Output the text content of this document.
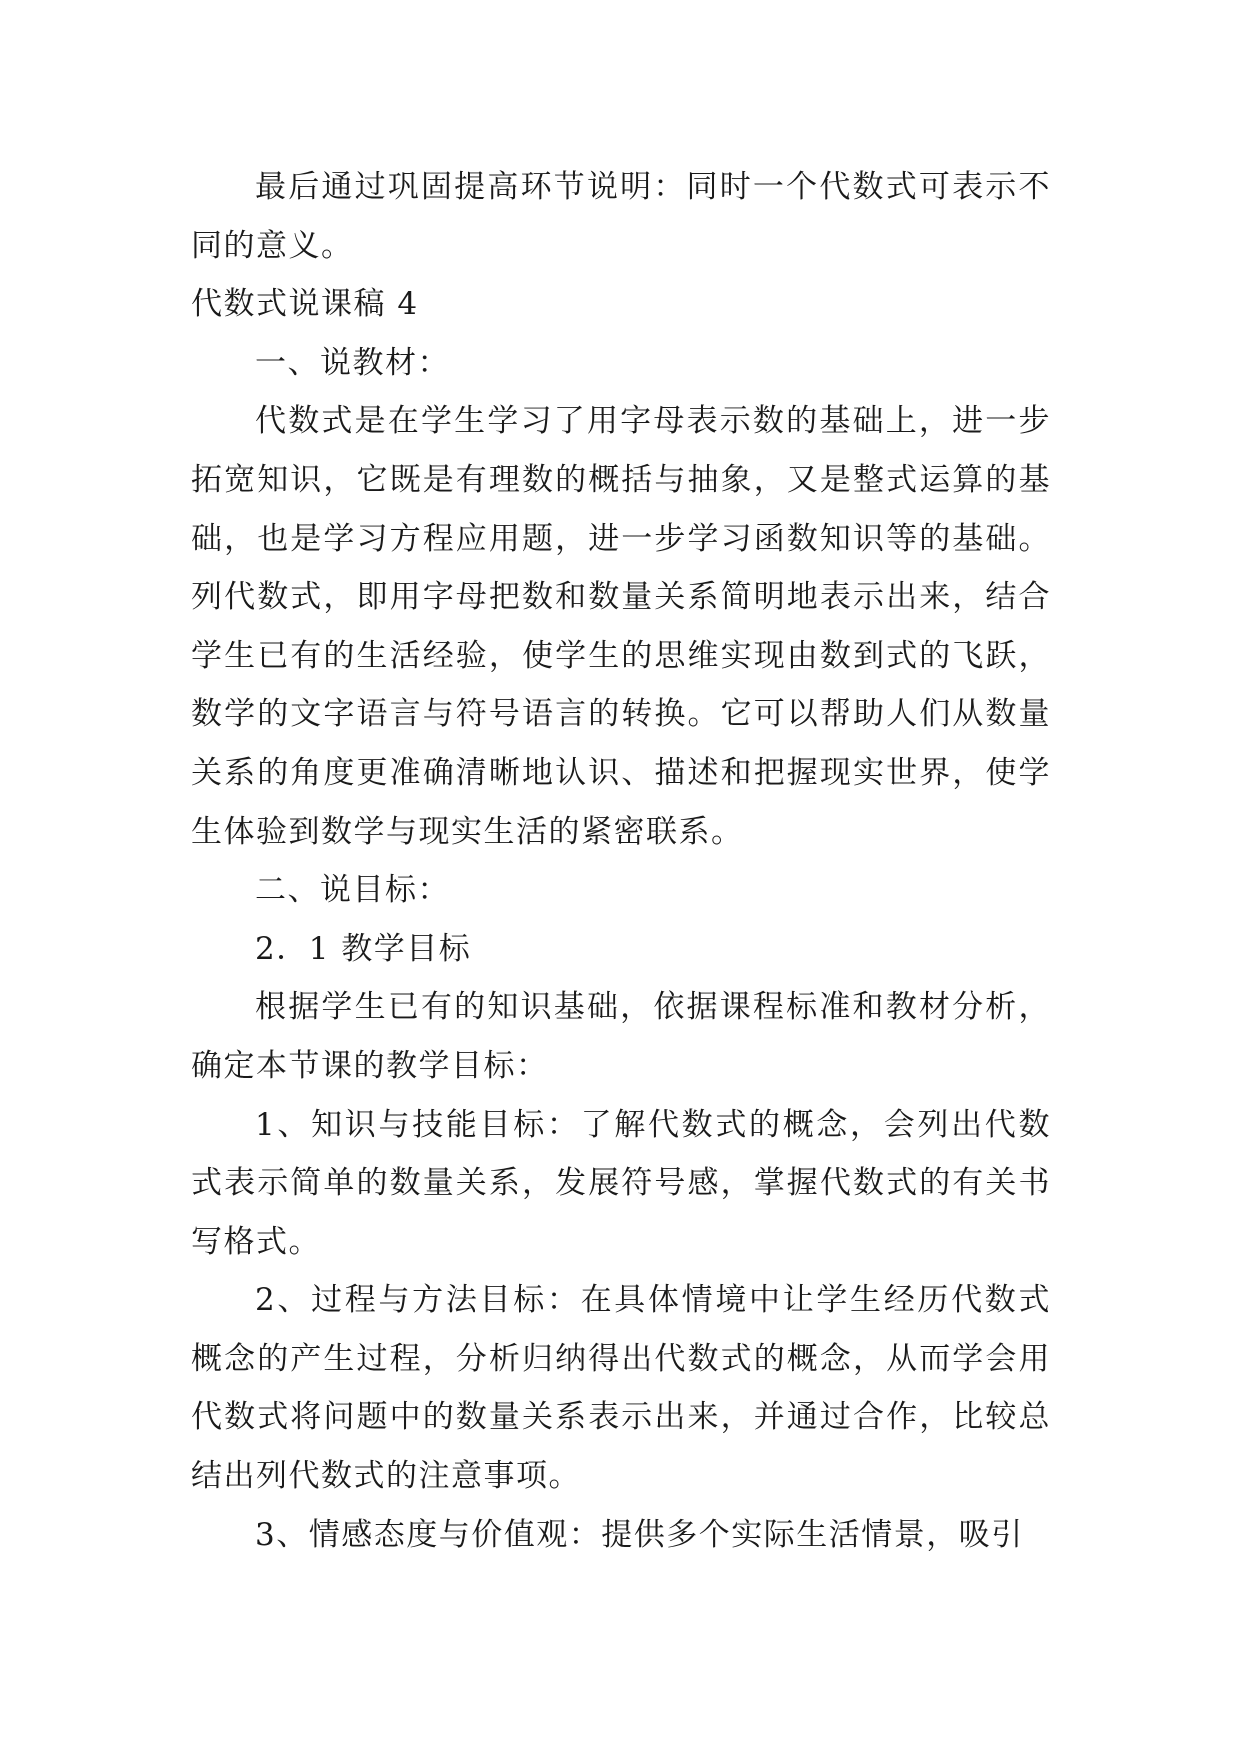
最后通过巩固提高环节说明：同时一个代数式可表示不同的意义。

代数式说课稿 4

一、说教材：

代数式是在学生学习了用字母表示数的基础上，进一步拓宽知识，它既是有理数的概括与抽象，又是整式运算的基础，也是学习方程应用题，进一步学习函数知识等的基础。列代数式，即用字母把数和数量关系简明地表示出来，结合学生已有的生活经验，使学生的思维实现由数到式的飞跃，数学的文字语言与符号语言的转换。它可以帮助人们从数量关系的角度更准确清晰地认识、描述和把握现实世界，使学生体验到数学与现实生活的紧密联系。

二、说目标：

2．1 教学目标

根据学生已有的知识基础，依据课程标准和教材分析，确定本节课的教学目标：

1、知识与技能目标：了解代数式的概念，会列出代数式表示简单的数量关系，发展符号感，掌握代数式的有关书写格式。

2、过程与方法目标：在具体情境中让学生经历代数式概念的产生过程，分析归纳得出代数式的概念，从而学会用代数式将问题中的数量关系表示出来，并通过合作，比较总结出列代数式的注意事项。

3、情感态度与价值观：提供多个实际生活情景，吸引
